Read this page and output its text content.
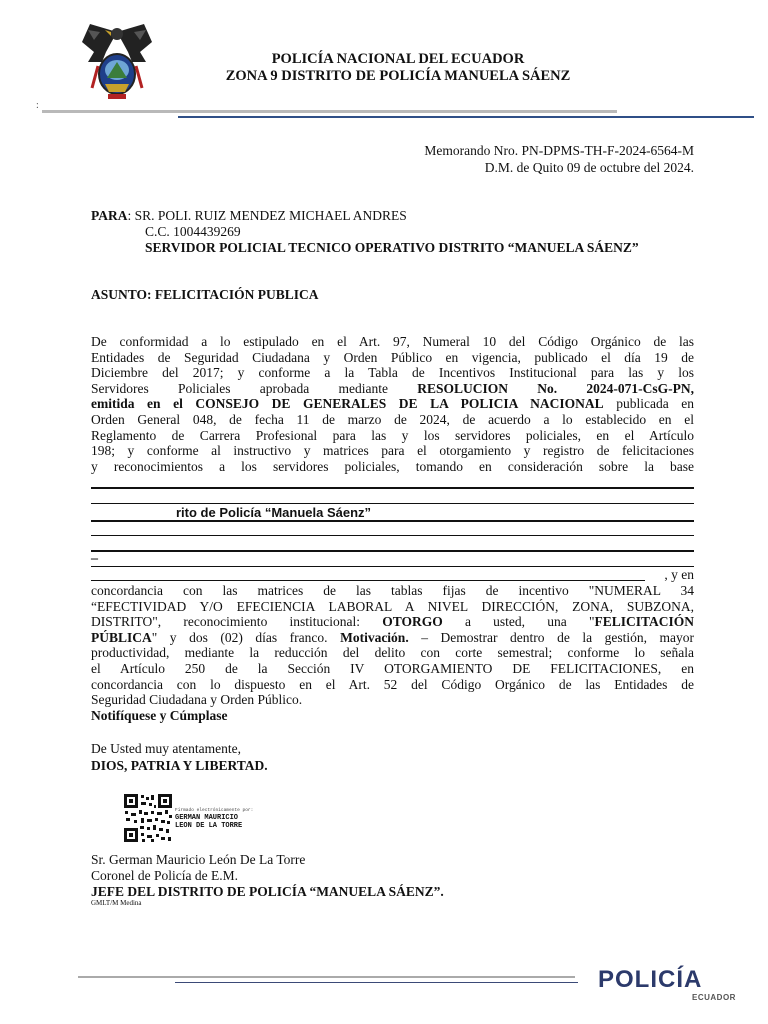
POLICÍA NACIONAL DEL ECUADOR
ZONA 9 DISTRITO DE POLICÍA MANUELA SÁENZ
:
Memorando Nro. PN-DPMS-TH-F-2024-6564-M
D.M. de Quito 09 de octubre del 2024.
PARA: SR. POLI. RUIZ MENDEZ MICHAEL ANDRES
C.C. 1004439269
SERVIDOR POLICIAL TECNICO OPERATIVO DISTRITO “MANUELA SÁENZ”
ASUNTO: FELICITACIÓN PUBLICA
De conformidad a lo estipulado en el Art. 97, Numeral 10 del Código Orgánico de las
Entidades de Seguridad Ciudadana y Orden Público en vigencia, publicado el día 19 de
Diciembre del 2017; y conforme a la Tabla de Incentivos Institucional para las y los
Servidores Policiales aprobada mediante RESOLUCION No. 2024-071-CsG-PN,
emitida en el CONSEJO DE GENERALES DE LA POLICIA NACIONAL publicada en
Orden General 048, de fecha 11 de marzo de 2024, de acuerdo a lo establecido en el
Reglamento de Carrera Profesional para las y los servidores policiales, en el Artículo
198; y conforme al instructivo y matrices para el otorgamiento y registro de felicitaciones
y reconocimientos a los servidores policiales, tomando en consideración sobre la base
rito de Policía “Manuela Sáenz”
–
, y en
concordancia con las matrices de las tablas fijas de incentivo "NUMERAL 34
“EFECTIVIDAD Y/O EFECIENCIA LABORAL A NIVEL DIRECCIÓN, ZONA, SUBZONA,
DISTRITO", reconocimiento institucional: OTORGO a usted, una "FELICITACIÓN
PÚBLICA" y dos (02) días franco. Motivación. – Demostrar dentro de la gestión, mayor
productividad, mediante la reducción del delito con corte semestral; conforme lo señala
el Artículo 250 de la Sección IV OTORGAMIENTO DE FELICITACIONES, en
concordancia con lo dispuesto en el Art. 52 del Código Orgánico de las Entidades de
Seguridad Ciudadana y Orden Público.
Notifíquese y Cúmplase
De Usted muy atentamente,
DIOS, PATRIA Y LIBERTAD.
Firmado electrónicamente por:
GERMAN MAURICIO
LEON DE LA TORRE
Sr. German Mauricio León De La Torre
Coronel de Policía de E.M.
JEFE DEL DISTRITO DE POLICÍA “MANUELA SÁENZ”.
GMLT/M Medina
POLICÍA
ECUADOR
